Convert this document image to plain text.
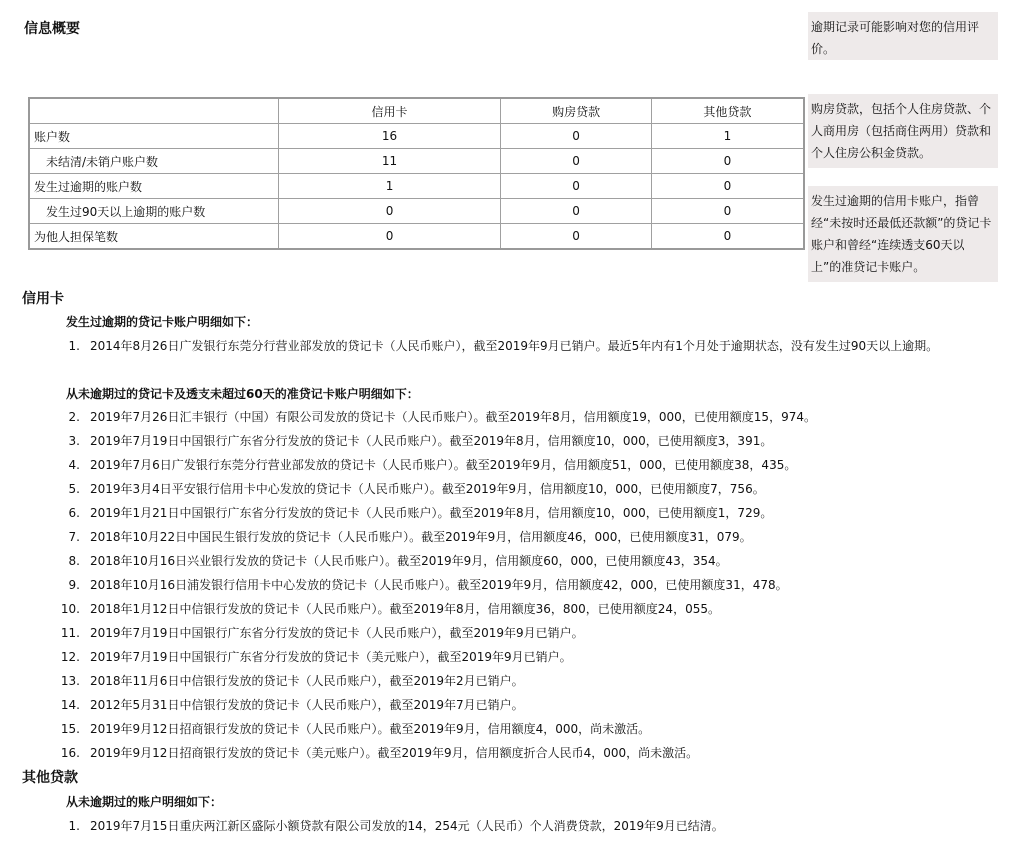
信息概要	逾期记录可能影响对您的信用评价。
购房贷款，包括个人住房贷款、个人商用房（包括商住两用）贷款和个人住房公积金贷款。
发生过逾期的信用卡账户，指曾经“未按时还最低还款额”的贷记卡账户和曾经“连续透支60天以上”的准贷记卡账户。
	信用卡	购房贷款	其他贷款
账户数	16	0	1
未结清/未销户账户数	11	0	0
发生过逾期的账户数	1	0	0
发生过90天以上逾期的账户数	0	0	0
为他人担保笔数	0	0	0
信用卡
发生过逾期的贷记卡账户明细如下：
1. 2014年8月26日广发银行东莞分行营业部发放的贷记卡（人民币账户），截至2019年9月已销户。最近5年内有1个月处于逾期状态，没有发生过90天以上逾期。
从未逾期过的贷记卡及透支未超过60天的准贷记卡账户明细如下：
2. 2019年7月26日汇丰银行（中国）有限公司发放的贷记卡（人民币账户）。截至2019年8月，信用额度19，000，已使用额度15，974。
3. 2019年7月19日中国银行广东省分行发放的贷记卡（人民币账户）。截至2019年8月，信用额度10，000，已使用额度3，391。
4. 2019年7月6日广发银行东莞分行营业部发放的贷记卡（人民币账户）。截至2019年9月，信用额度51，000，已使用额度38，435。
5. 2019年3月4日平安银行信用卡中心发放的贷记卡（人民币账户）。截至2019年9月，信用额度10，000，已使用额度7，756。
6. 2019年1月21日中国银行广东省分行发放的贷记卡（人民币账户）。截至2019年8月，信用额度10，000，已使用额度1，729。
7. 2018年10月22日中国民生银行发放的贷记卡（人民币账户）。截至2019年9月，信用额度46，000，已使用额度31，079。
8. 2018年10月16日兴业银行发放的贷记卡（人民币账户）。截至2019年9月，信用额度60，000，已使用额度43，354。
9. 2018年10月16日浦发银行信用卡中心发放的贷记卡（人民币账户）。截至2019年9月，信用额度42，000，已使用额度31，478。
10. 2018年1月12日中信银行发放的贷记卡（人民币账户）。截至2019年8月，信用额度36，800，已使用额度24，055。
11. 2019年7月19日中国银行广东省分行发放的贷记卡（人民币账户），截至2019年9月已销户。
12. 2019年7月19日中国银行广东省分行发放的贷记卡（美元账户），截至2019年9月已销户。
13. 2018年11月6日中信银行发放的贷记卡（人民币账户），截至2019年2月已销户。
14. 2012年5月31日中信银行发放的贷记卡（人民币账户），截至2019年7月已销户。
15. 2019年9月12日招商银行发放的贷记卡（人民币账户）。截至2019年9月，信用额度4，000，尚未激活。
16. 2019年9月12日招商银行发放的贷记卡（美元账户）。截至2019年9月，信用额度折合人民币4，000，尚未激活。
其他贷款
从未逾期过的账户明细如下：
1. 2019年7月15日重庆两江新区盛际小额贷款有限公司发放的14，254元（人民币）个人消费贷款，2019年9月已结清。
